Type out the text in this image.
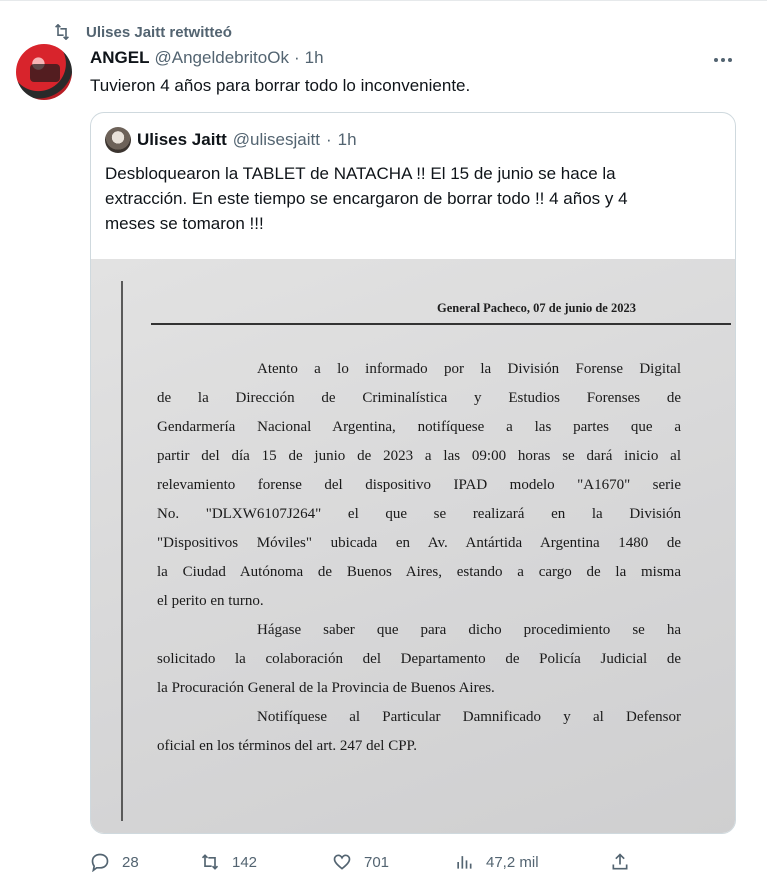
Ulises Jaitt retwitteó
ANGEL @AngeldebritoOk · 1h
Tuvieron 4 años para borrar todo lo inconveniente.
Ulises Jaitt @ulisesjaitt · 1h
Desbloquearon la TABLET de NATACHA !! El 15 de junio se hace la
extracción. En este tiempo se encargaron de borrar todo !! 4 años y 4
meses se tomaron !!!
General Pacheco, 07 de junio de 2023
Atento a lo informado por la División Forense Digital
de la Dirección de Criminalística y Estudios Forenses de
Gendarmería Nacional Argentina, notifíquese a las partes que a
partir del día 15 de junio de 2023 a las 09:00 horas se dará inicio al
relevamiento forense del dispositivo IPAD modelo "A1670" serie
No. "DLXW6107J264" el que se realizará en la División
"Dispositivos Móviles" ubicada en Av. Antártida Argentina 1480 de
la Ciudad Autónoma de Buenos Aires, estando a cargo de la misma
el perito en turno.
Hágase saber que para dicho procedimiento se ha
solicitado la colaboración del Departamento de Policía Judicial de
la Procuración General de la Provincia de Buenos Aires.
Notifíquese al Particular Damnificado y al Defensor
oficial en los términos del art. 247 del CPP.
28	142	701	47,2 mil
